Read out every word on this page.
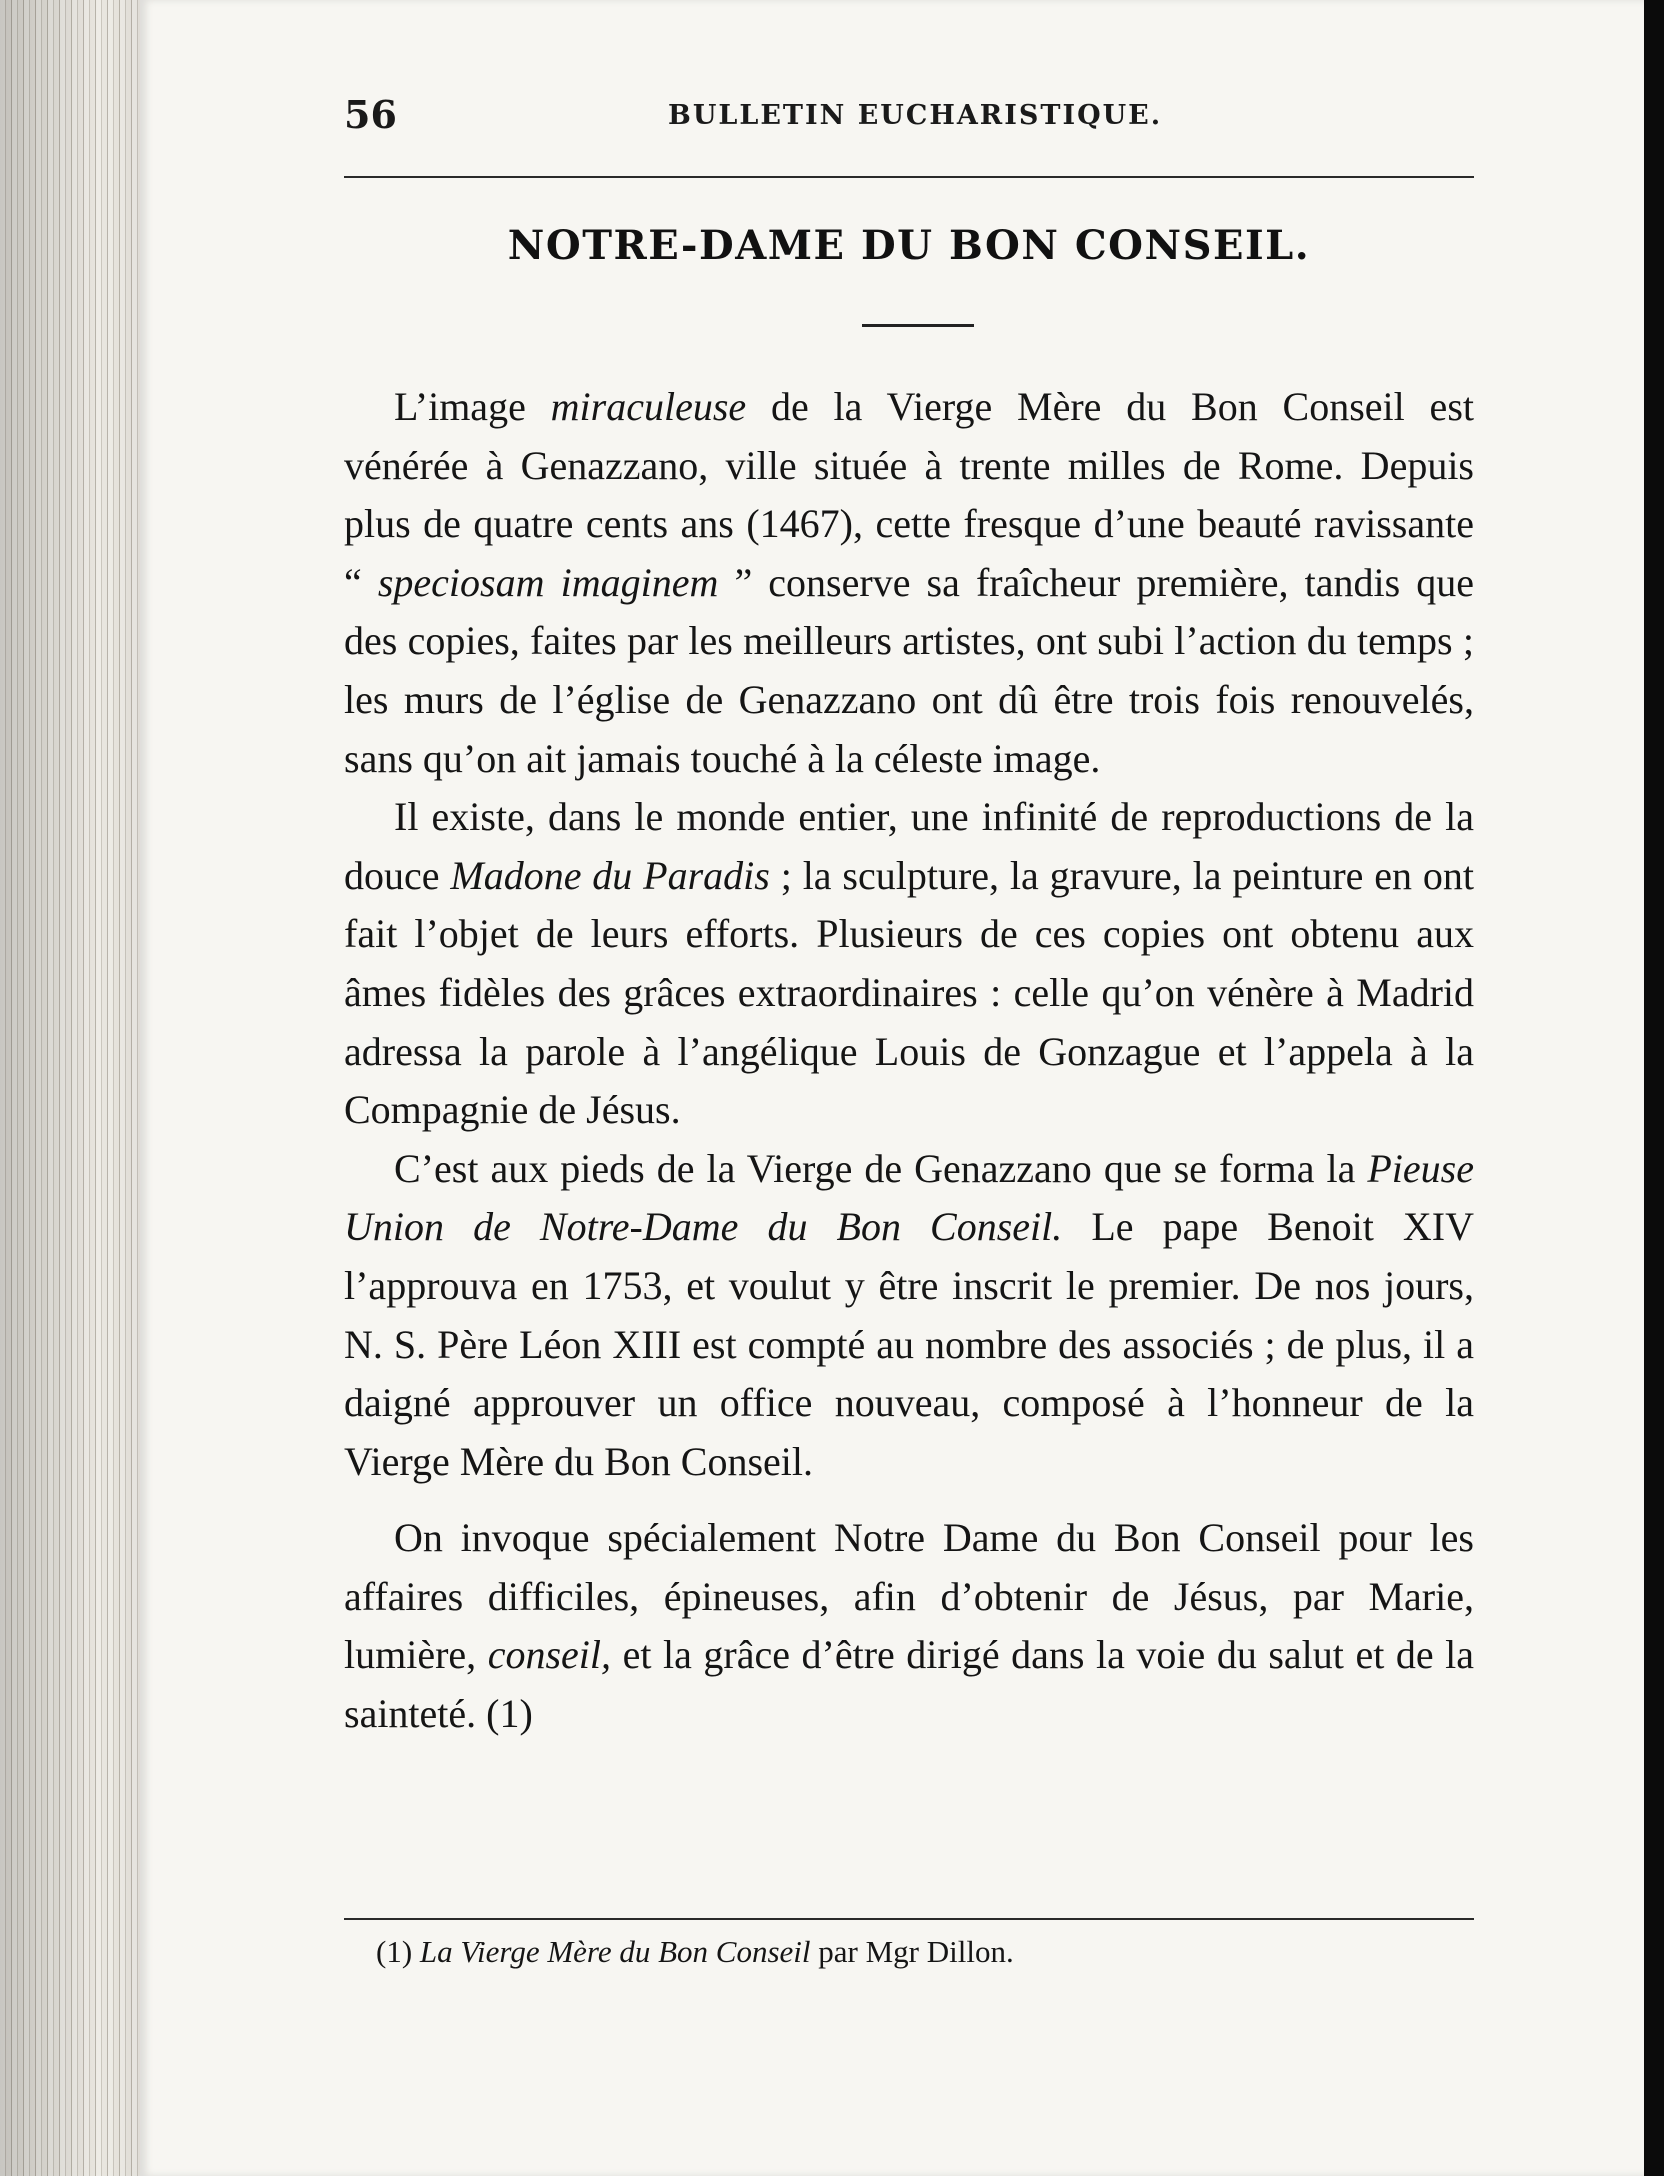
56	BULLETIN EUCHARISTIQUE.
NOTRE-DAME DU BON CONSEIL.

L’image miraculeuse de la Vierge Mère du Bon Conseil est vénérée à Genazzano, ville située à trente milles de Rome. Depuis plus de quatre cents ans (1467), cette fresque d’une beauté ravissante “ speciosam imaginem ” conserve sa fraîcheur première, tandis que des copies, faites par les meilleurs artistes, ont subi l’action du temps ; les murs de l’église de Genazzano ont dû être trois fois renouvelés, sans qu’on ait jamais touché à la céleste image.

Il existe, dans le monde entier, une infinité de reproductions de la douce Madone du Paradis ; la sculpture, la gravure, la peinture en ont fait l’objet de leurs efforts. Plusieurs de ces copies ont obtenu aux âmes fidèles des grâces extraordinaires : celle qu’on vénère à Madrid adressa la parole à l’angélique Louis de Gonzague et l’appela à la Compagnie de Jésus.

C’est aux pieds de la Vierge de Genazzano que se forma la Pieuse Union de Notre-Dame du Bon Conseil. Le pape Benoit XIV l’approuva en 1753, et voulut y être inscrit le premier. De nos jours, N. S. Père Léon XIII est compté au nombre des associés ; de plus, il a daigné approuver un office nouveau, composé à l’honneur de la Vierge Mère du Bon Conseil.

On invoque spécialement Notre Dame du Bon Conseil pour les affaires difficiles, épineuses, afin d’obtenir de Jésus, par Marie, lumière, conseil, et la grâce d’être dirigé dans la voie du salut et de la sainteté. (1)

(1) La Vierge Mère du Bon Conseil par Mgr Dillon.
